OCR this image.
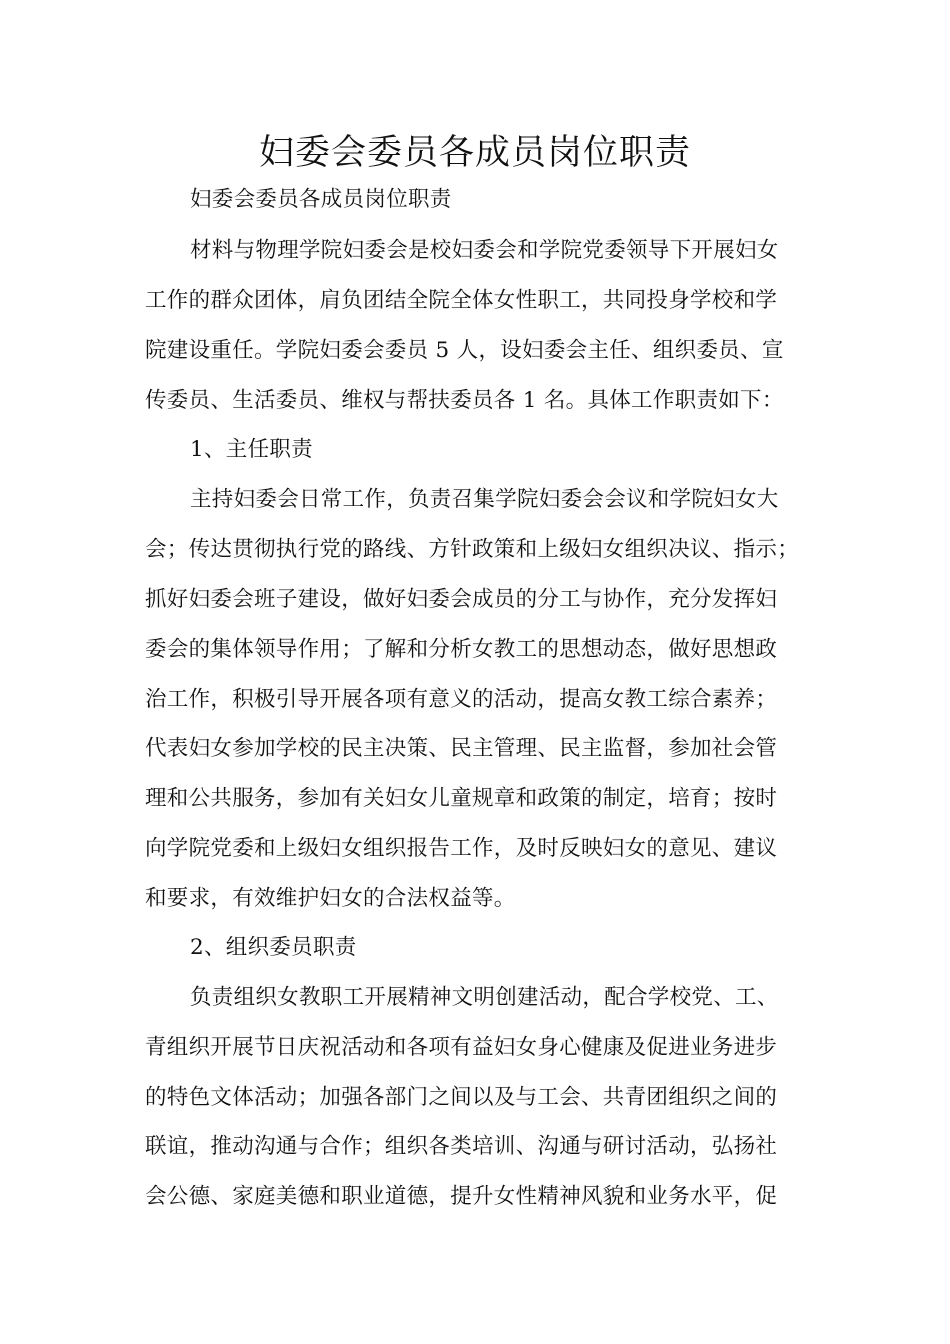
妇委会委员各成员岗位职责
妇委会委员各成员岗位职责
材料与物理学院妇委会是校妇委会和学院党委领导下开展妇女
工作的群众团体，肩负团结全院全体女性职工，共同投身学校和学
院建设重任。学院妇委会委员 5 人，设妇委会主任、组织委员、宣
传委员、生活委员、维权与帮扶委员各 1 名。具体工作职责如下：
1、主任职责
主持妇委会日常工作，负责召集学院妇委会会议和学院妇女大
会；传达贯彻执行党的路线、方针政策和上级妇女组织决议、指示；
抓好妇委会班子建设，做好妇委会成员的分工与协作，充分发挥妇
委会的集体领导作用；了解和分析女教工的思想动态，做好思想政
治工作，积极引导开展各项有意义的活动，提高女教工综合素养；
代表妇女参加学校的民主决策、民主管理、民主监督，参加社会管
理和公共服务，参加有关妇女儿童规章和政策的制定，培育；按时
向学院党委和上级妇女组织报告工作，及时反映妇女的意见、建议
和要求，有效维护妇女的合法权益等。
2、组织委员职责
负责组织女教职工开展精神文明创建活动，配合学校党、工、
青组织开展节日庆祝活动和各项有益妇女身心健康及促进业务进步
的特色文体活动；加强各部门之间以及与工会、共青团组织之间的
联谊，推动沟通与合作；组织各类培训、沟通与研讨活动，弘扬社
会公德、家庭美德和职业道德，提升女性精神风貌和业务水平，促
